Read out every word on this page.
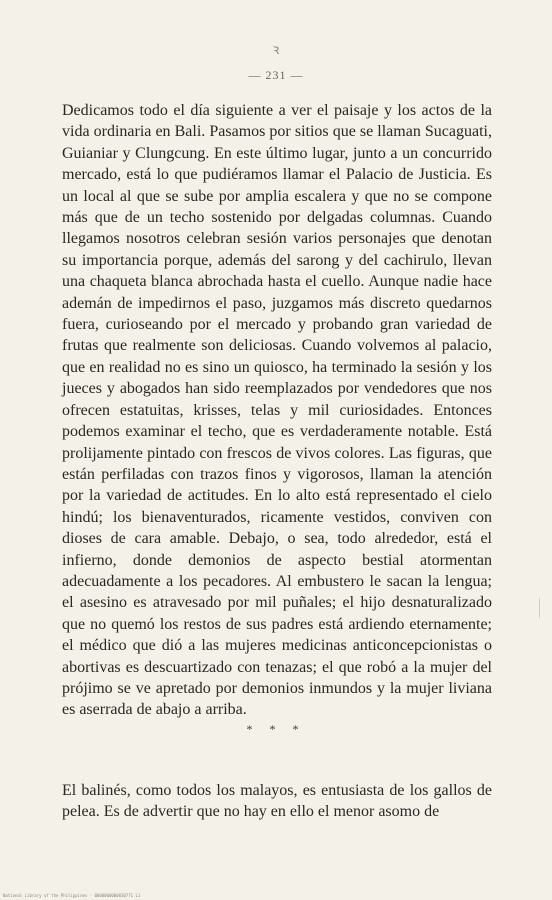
ꝛ
— 231 —

Dedicamos todo el día siguiente a ver el paisaje y los actos de la vida ordinaria en Bali. Pasamos por sitios que se llaman Sucaguati, Guianiar y Clungcung. En este último lugar, junto a un concurrido mercado, está lo que pudiéramos llamar el Palacio de Justicia. Es un local al que se sube por amplia escalera y que no se compone más que de un techo sostenido por delgadas columnas. Cuando llegamos nosotros celebran sesión varios personajes que denotan su importancia porque, además del sarong y del cachirulo, llevan una chaqueta blanca abrochada hasta el cuello. Aunque nadie hace ademán de impedirnos el paso, juzgamos más discreto quedarnos fuera, curioseando por el mercado y probando gran variedad de frutas que realmente son deliciosas. Cuando volvemos al palacio, que en realidad no es sino un quiosco, ha terminado la sesión y los jueces y abogados han sido reemplazados por vendedores que nos ofrecen estatuitas, krisses, telas y mil curiosidades. Entonces podemos examinar el techo, que es verdaderamente notable. Está prolijamente pintado con frescos de vivos colores. Las figuras, que están perfiladas con trazos finos y vigorosos, llaman la atención por la variedad de actitudes. En lo alto está representado el cielo hindú; los bienaventurados, ricamente vestidos, conviven con dioses de cara amable. Debajo, o sea, todo alrededor, está el infierno, donde demonios de aspecto bestial atormentan adecuadamente a los pecadores. Al embustero le sacan la lengua; el asesino es atravesado por mil puñales; el hijo desnaturalizado que no quemó los restos de sus padres está ardiendo eternamente; el médico que dió a las mujeres medicinas anticoncepcionistas o abortivas es descuartizado con tenazas; el que robó a la mujer del prójimo se ve apretado por demonios inmundos y la mujer liviana es aserrada de abajo a arriba.

* * *

El balinés, como todos los malayos, es entusiasta de los gallos de pelea. Es de advertir que no hay en ello el menor asomo de

National Library of the Philippines · 0000000000030771 L1
